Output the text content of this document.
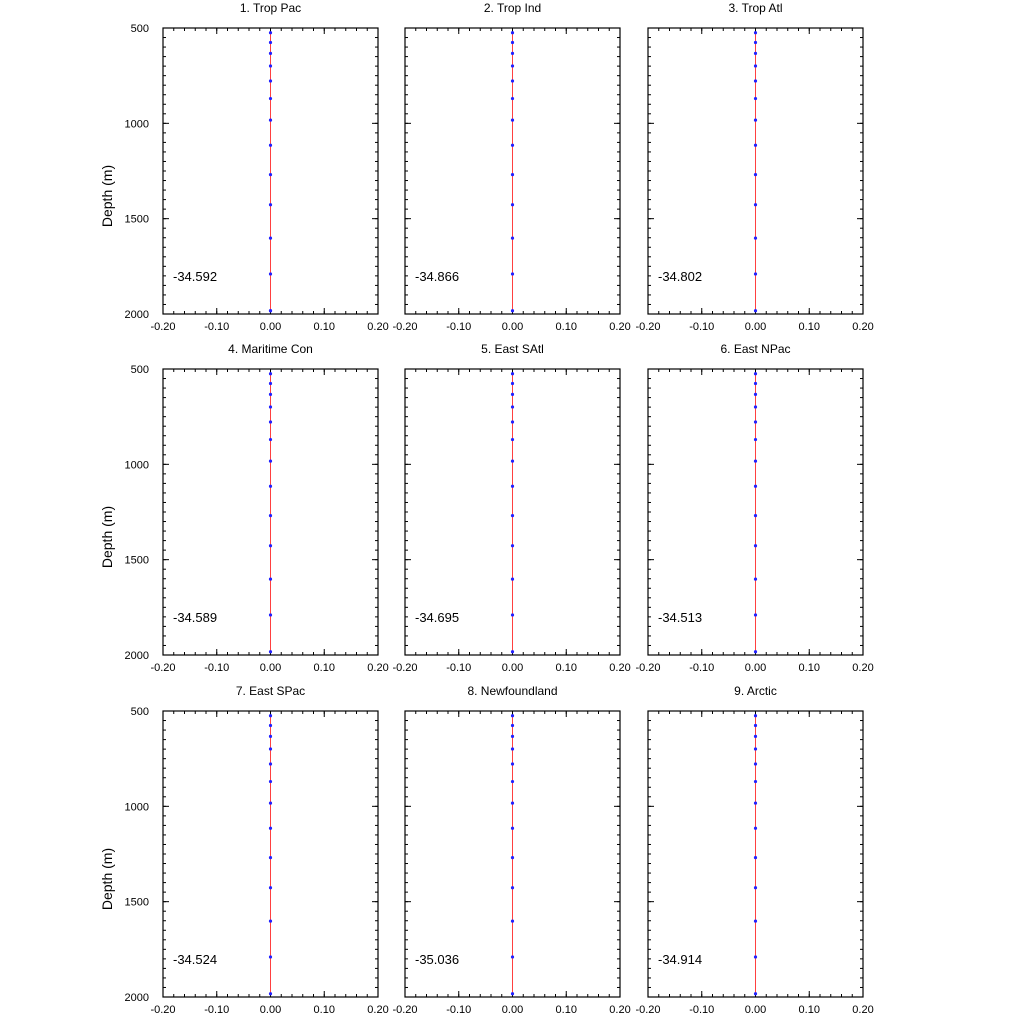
1. Trop Pac
-0.20	-0.10	0.00	0.10	0.20
500
1000
1500
2000
Depth (m)
-34.592
2. Trop Ind
-0.20	-0.10	0.00	0.10	0.20
-34.866
3. Trop Atl
-0.20	-0.10	0.00	0.10	0.20
-34.802
4. Maritime Con
-0.20	-0.10	0.00	0.10	0.20
500
1000
1500
2000
Depth (m)
-34.589
5. East SAtl
-0.20	-0.10	0.00	0.10	0.20
-34.695
6. East NPac
-0.20	-0.10	0.00	0.10	0.20
-34.513
7. East SPac
-0.20	-0.10	0.00	0.10	0.20
500
1000
1500
2000
Depth (m)
-34.524
8. Newfoundland
-0.20	-0.10	0.00	0.10	0.20
-35.036
9. Arctic
-0.20	-0.10	0.00	0.10	0.20
-34.914
